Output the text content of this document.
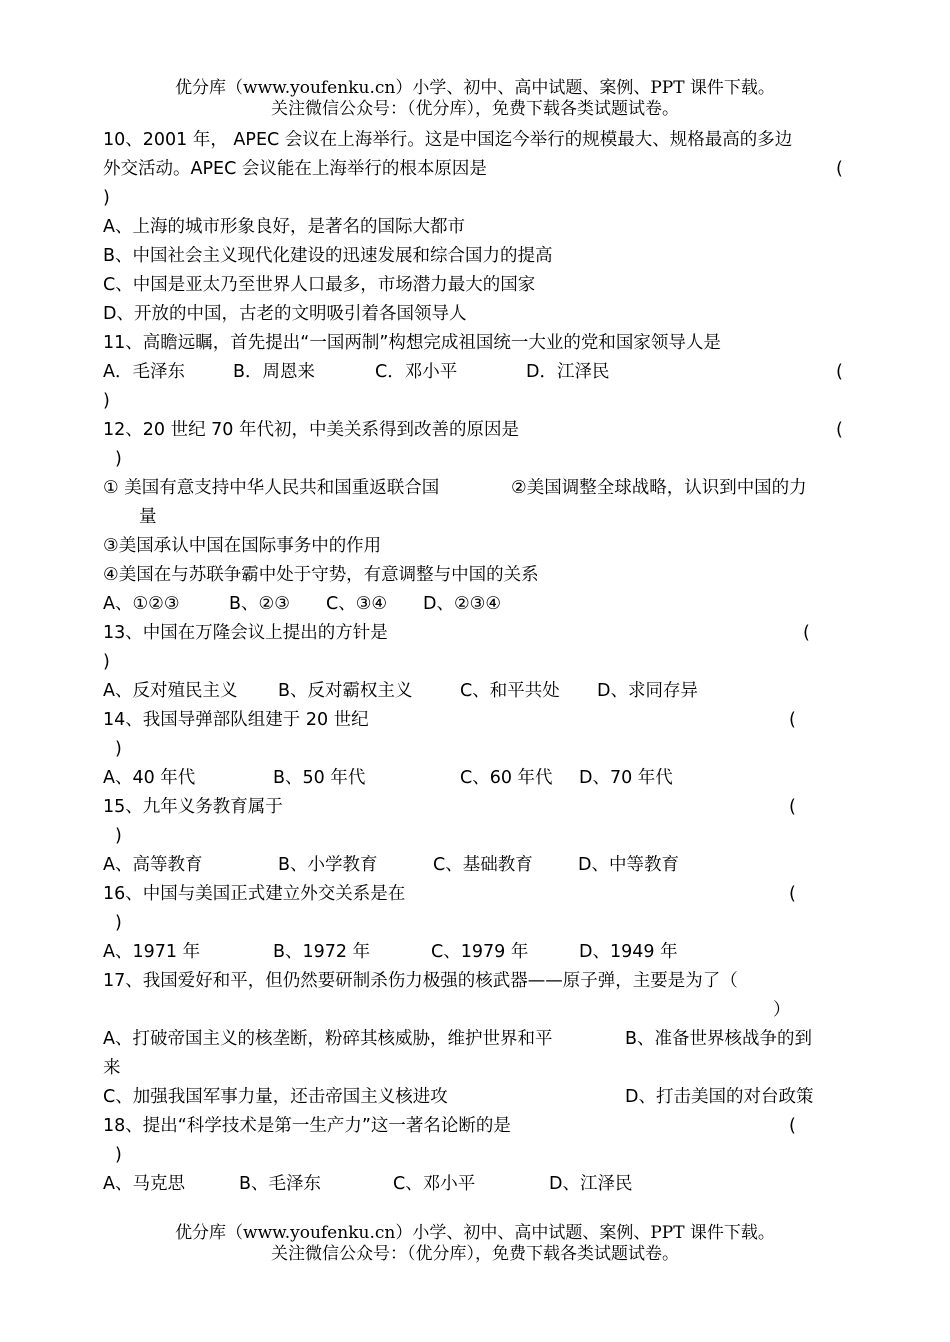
优分库（www.youfenku.cn）小学、初中、高中试题、案例、PPT 课件下载。
关注微信公众号：（优分库），免费下载各类试题试卷。
10、2001 年， APEC 会议在上海举行。这是中国迄今举行的规模最大、规格最高的多边
外交活动。APEC 会议能在上海举行的根本原因是	(
)
A、上海的城市形象良好，是著名的国际大都市
B、中国社会主义现代化建设的迅速发展和综合国力的提高
C、中国是亚太乃至世界人口最多，市场潜力最大的国家
D、开放的中国，古老的文明吸引着各国领导人
11、高瞻远瞩，首先提出“一国两制”构想完成祖国统一大业的党和国家领导人是
A．毛泽东	B．周恩来	C．邓小平	D．江泽民	(
)
12、20 世纪 70 年代初，中美关系得到改善的原因是	(
)
① 美国有意支持中华人民共和国重返联合国	②美国调整全球战略，认识到中国的力
量
③美国承认中国在国际事务中的作用
④美国在与苏联争霸中处于守势，有意调整与中国的关系
A、①②③	B、②③ C、③④ D、②③④
13、中国在万隆会议上提出的方针是	(
)
A、反对殖民主义 B、反对霸权主义	C、和平共处 D、求同存异
14、我国导弹部队组建于 20 世纪	(
)
A、40 年代	B、50 年代	C、60 年代 D、70 年代
15、九年义务教育属于	(
)
A、高等教育	B、小学教育	C、基础教育	D、中等教育
16、中国与美国正式建立外交关系是在	(
)
A、1971 年	B、1972 年	C、1979 年	D、1949 年
17、我国爱好和平，但仍然要研制杀伤力极强的核武器——原子弹，主要是为了（
）
A、打破帝国主义的核垄断，粉碎其核威胁，维护世界和平	B、准备世界核战争的到
来
C、加强我国军事力量，还击帝国主义核进攻	D、打击美国的对台政策
18、提出“科学技术是第一生产力”这一著名论断的是	(
)
A、马克思	B、毛泽东	C、邓小平	D、江泽民
优分库（www.youfenku.cn）小学、初中、高中试题、案例、PPT 课件下载。
关注微信公众号：（优分库），免费下载各类试题试卷。
